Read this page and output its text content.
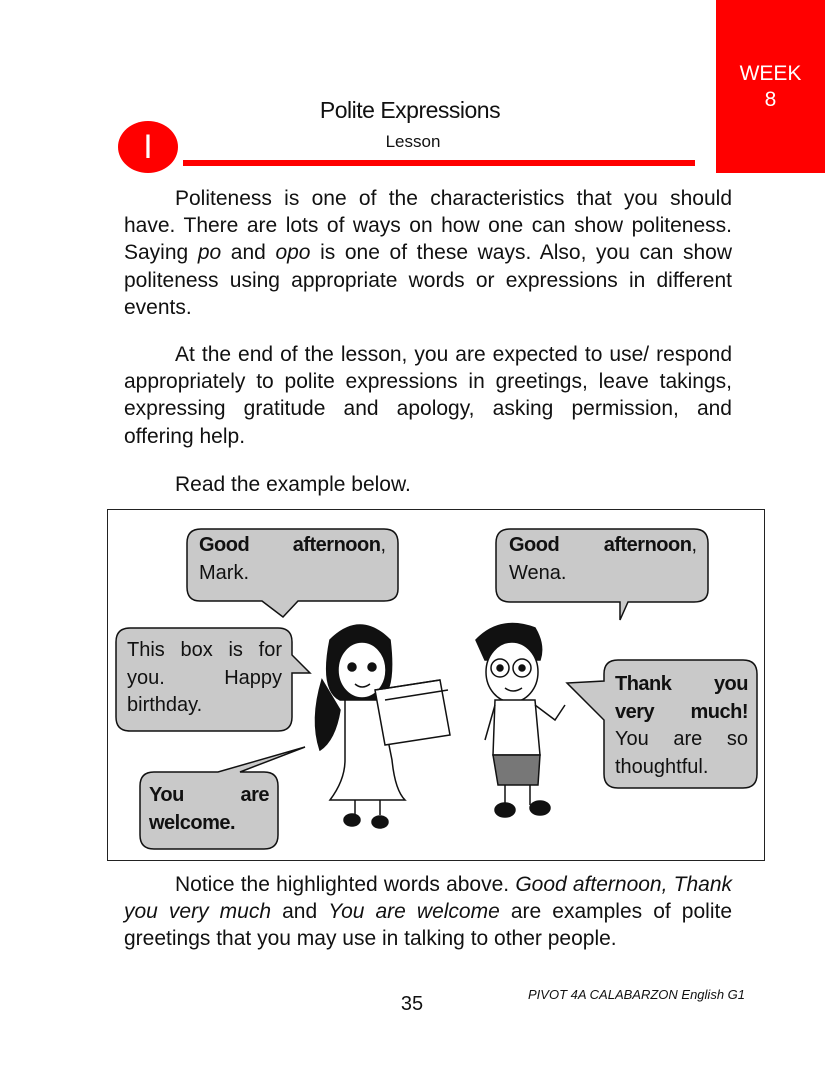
WEEK
8
Polite Expressions
Lesson
I
Politeness is one of the characteristics that you should have. There are lots of ways on how one can show politeness. Saying po and opo is one of these ways. Also, you can show politeness using appropriate words or expressions in different events.
At the end of the lesson, you are expected to use/ respond appropriately to polite expressions in greetings, leave takings, expressing gratitude and apology, asking permission, and offering help.
Read the example below.
Good afternoon, Mark.
Good afternoon, Wena.
This box is for you. Happy birthday.
You are welcome.
Thank you very much! You are so thoughtful.
Notice the highlighted words above. Good afternoon, Thank you very much and You are welcome are examples of polite greetings that you may use in talking to other people.
35	PIVOT 4A CALABARZON English G1
